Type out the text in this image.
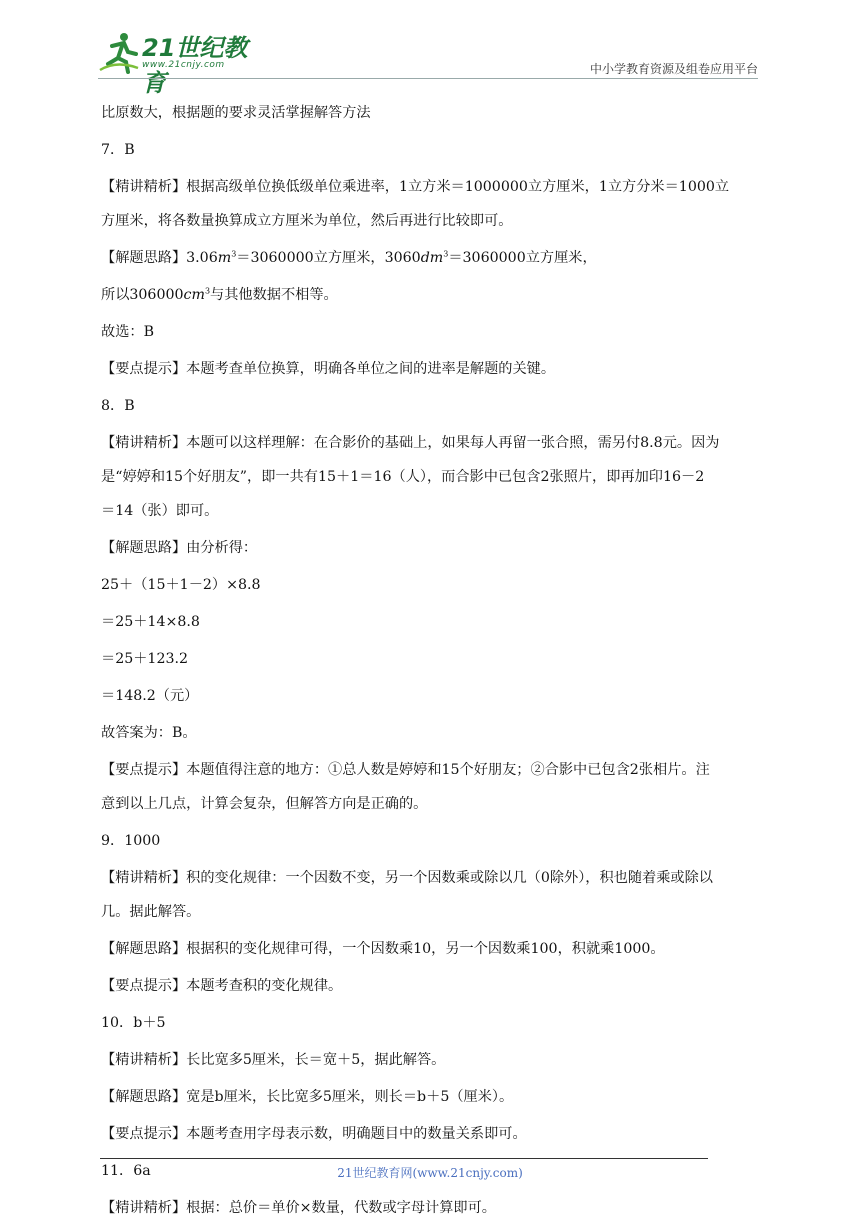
21世纪教育
www.21cnjy.com	中小学教育资源及组卷应用平台

比原数大，根据题的要求灵活掌握解答方法

7．B

【精讲精析】根据高级单位换低级单位乘进率，1立方米＝1000000立方厘米，1立方分米＝1000立

方厘米，将各数量换算成立方厘米为单位，然后再进行比较即可。

【解题思路】$3.06m^3=3060000$立方厘米，$3060dm^3=3060000$立方厘米，

所以$306000cm^3$与其他数据不相等。

故选：B

【要点提示】本题考查单位换算，明确各单位之间的进率是解题的关键。

8．B

【精讲精析】本题可以这样理解：在合影价的基础上，如果每人再留一张合照，需另付8.8元。因为

是“婷婷和15个好朋友”，即一共有15＋1＝16（人），而合影中已包含2张照片，即再加印16－2

＝14（张）即可。

【解题思路】由分析得：

25＋（15＋1－2）×8.8

＝25＋14×8.8

＝25＋123.2

＝148.2（元）

故答案为：B。

【要点提示】本题值得注意的地方：①总人数是婷婷和15个好朋友；②合影中已包含2张相片。注

意到以上几点，计算会复杂，但解答方向是正确的。

9．1000

【精讲精析】积的变化规律：一个因数不变，另一个因数乘或除以几（0除外），积也随着乘或除以

几。据此解答。

【解题思路】根据积的变化规律可得，一个因数乘10，另一个因数乘100，积就乘1000。

【要点提示】本题考查积的变化规律。

10．b＋5

【精讲精析】长比宽多5厘米，长＝宽＋5，据此解答。

【解题思路】宽是b厘米，长比宽多5厘米，则长＝b＋5（厘米）。

【要点提示】本题考查用字母表示数，明确题目中的数量关系即可。

11．6a

【精讲精析】根据：总价＝单价×数量，代数或字母计算即可。

21世纪教育网(www.21cnjy.com)
